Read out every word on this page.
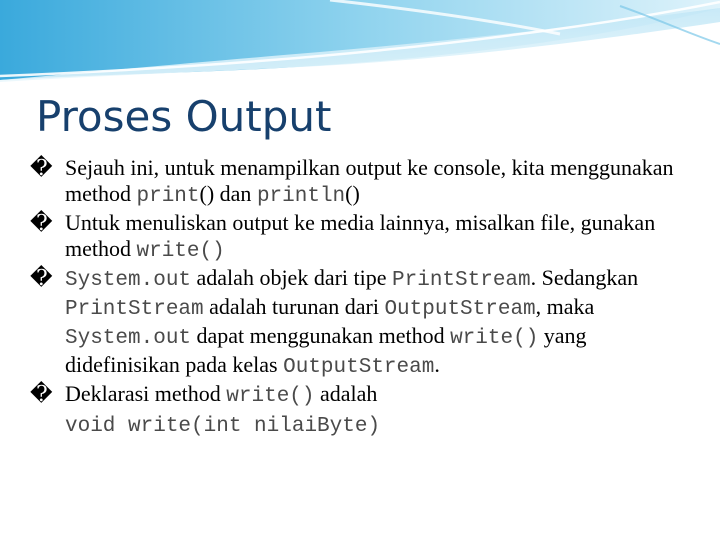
Proses Output

� Sejauh ini, untuk menampilkan output ke console, kita menggunakan method print() dan println()

� Untuk menuliskan output ke media lainnya, misalkan file, gunakan method write()

� System.out adalah objek dari tipe PrintStream. Sedangkan PrintStream adalah turunan dari OutputStream, maka System.out dapat menggunakan method write() yang didefinisikan pada kelas OutputStream.

� Deklarasi method write() adalah
void write(int nilaiByte)
